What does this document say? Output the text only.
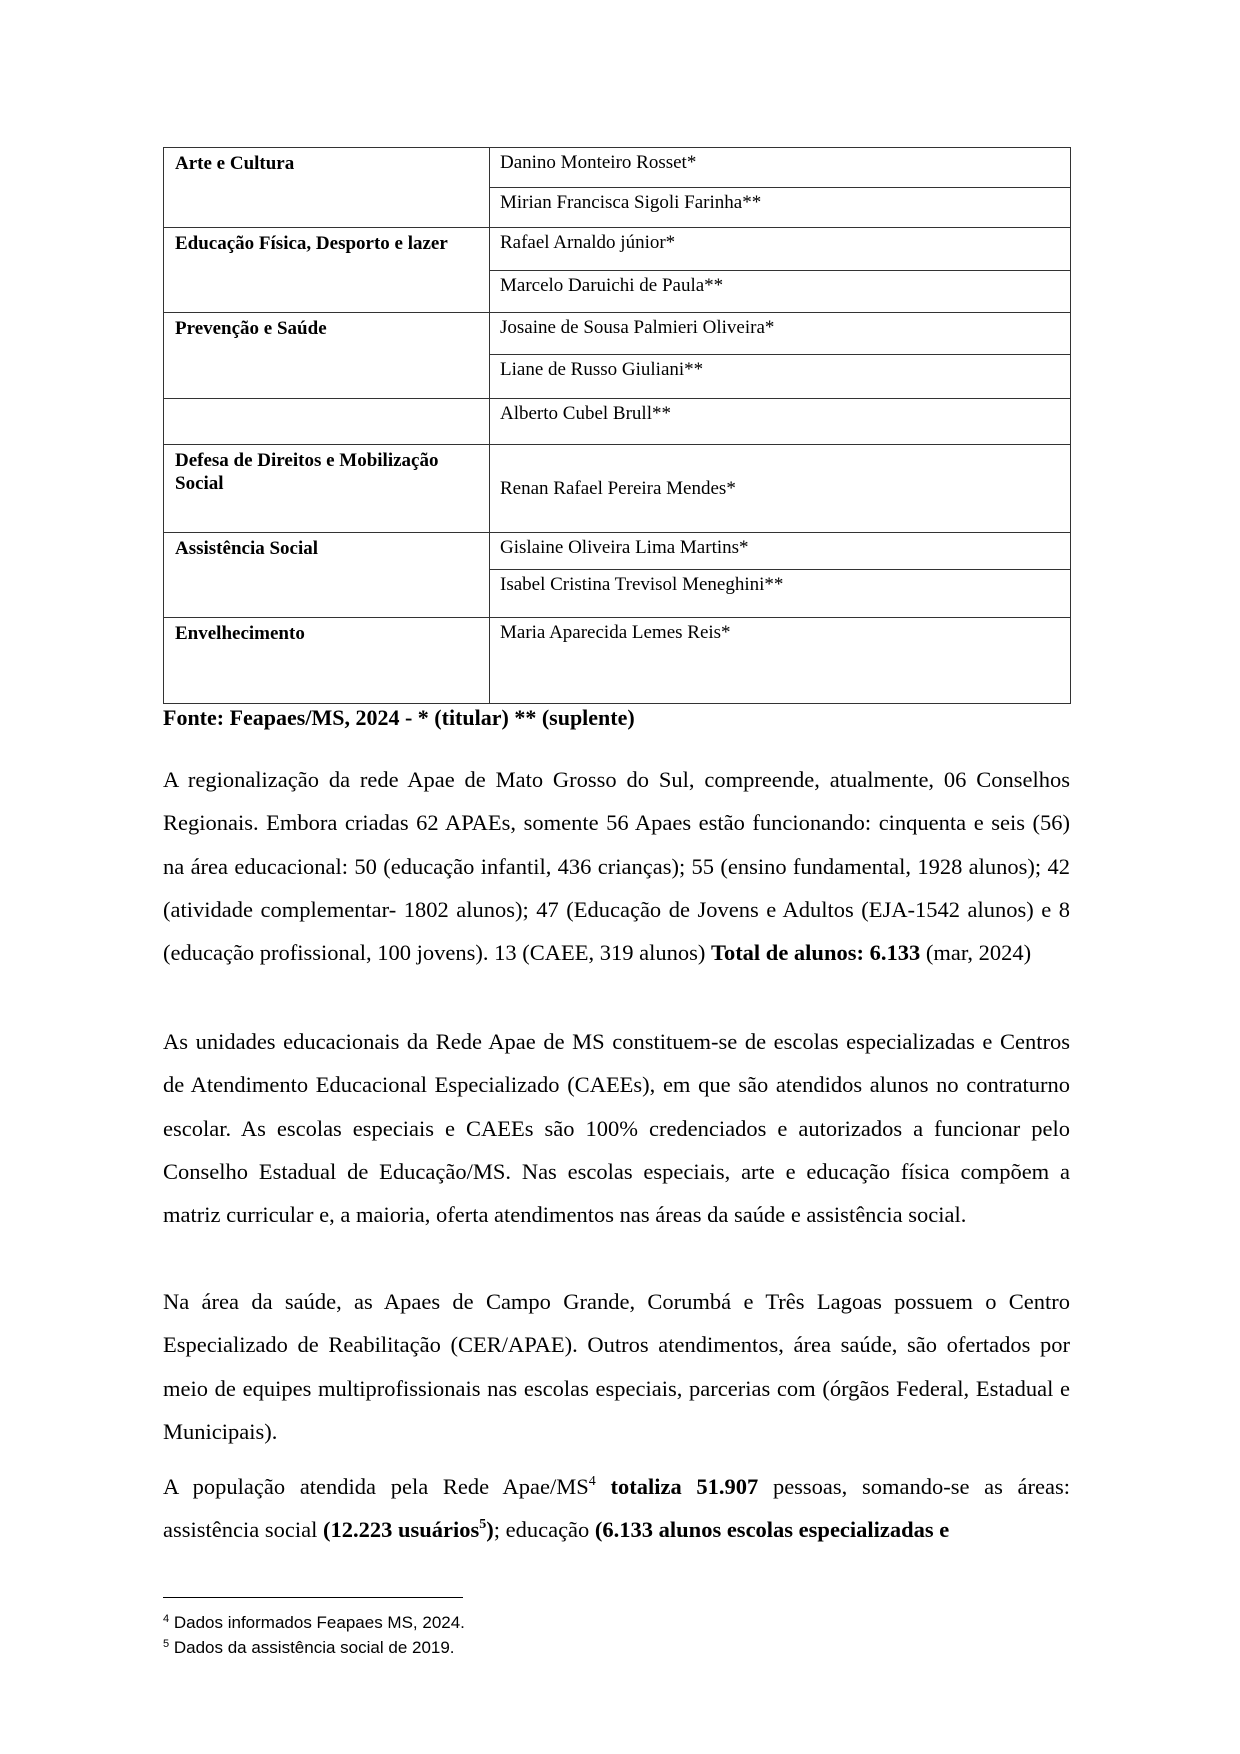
Arte e Cultura	Danino Monteiro Rosset*
	Mirian Francisca Sigoli Farinha**
Educação Física, Desporto e lazer	Rafael Arnaldo júnior*
	Marcelo Daruichi de Paula**
Prevenção e Saúde	Josaine de Sousa Palmieri Oliveira*
	Liane de Russo Giuliani**
	Alberto Cubel Brull**
Defesa de Direitos e Mobilização Social	Renan Rafael Pereira Mendes*
Assistência Social	Gislaine Oliveira Lima Martins*
	Isabel Cristina Trevisol Meneghini**
Envelhecimento	Maria Aparecida Lemes Reis*
Fonte: Feapaes/MS, 2024 - * (titular) ** (suplente)

A regionalização da rede Apae de Mato Grosso do Sul, compreende, atualmente, 06 Conselhos Regionais. Embora criadas 62 APAEs, somente 56 Apaes estão funcionando: cinquenta e seis (56) na área educacional: 50 (educação infantil, 436 crianças); 55 (ensino fundamental, 1928 alunos); 42 (atividade complementar- 1802 alunos); 47 (Educação de Jovens e Adultos (EJA-1542 alunos) e 8 (educação profissional, 100 jovens). 13 (CAEE, 319 alunos) Total de alunos: 6.133 (mar, 2024)

As unidades educacionais da Rede Apae de MS constituem-se de escolas especializadas e Centros de Atendimento Educacional Especializado (CAEEs), em que são atendidos alunos no contraturno escolar. As escolas especiais e CAEEs são 100% credenciados e autorizados a funcionar pelo Conselho Estadual de Educação/MS. Nas escolas especiais, arte e educação física compõem a matriz curricular e, a maioria, oferta atendimentos nas áreas da saúde e assistência social.

Na área da saúde, as Apaes de Campo Grande, Corumbá e Três Lagoas possuem o Centro Especializado de Reabilitação (CER/APAE). Outros atendimentos, área saúde, são ofertados por meio de equipes multiprofissionais nas escolas especiais, parcerias com (órgãos Federal, Estadual e Municipais).

A população atendida pela Rede Apae/$MS^4$ totaliza 51.907 pessoas, somando-se as áreas: assistência social (12.223 usuários$^5$); educação (6.133 alunos escolas especializadas e

$^4$ Dados informados Feapaes MS, 2024.
$^5$ Dados da assistência social de 2019.
